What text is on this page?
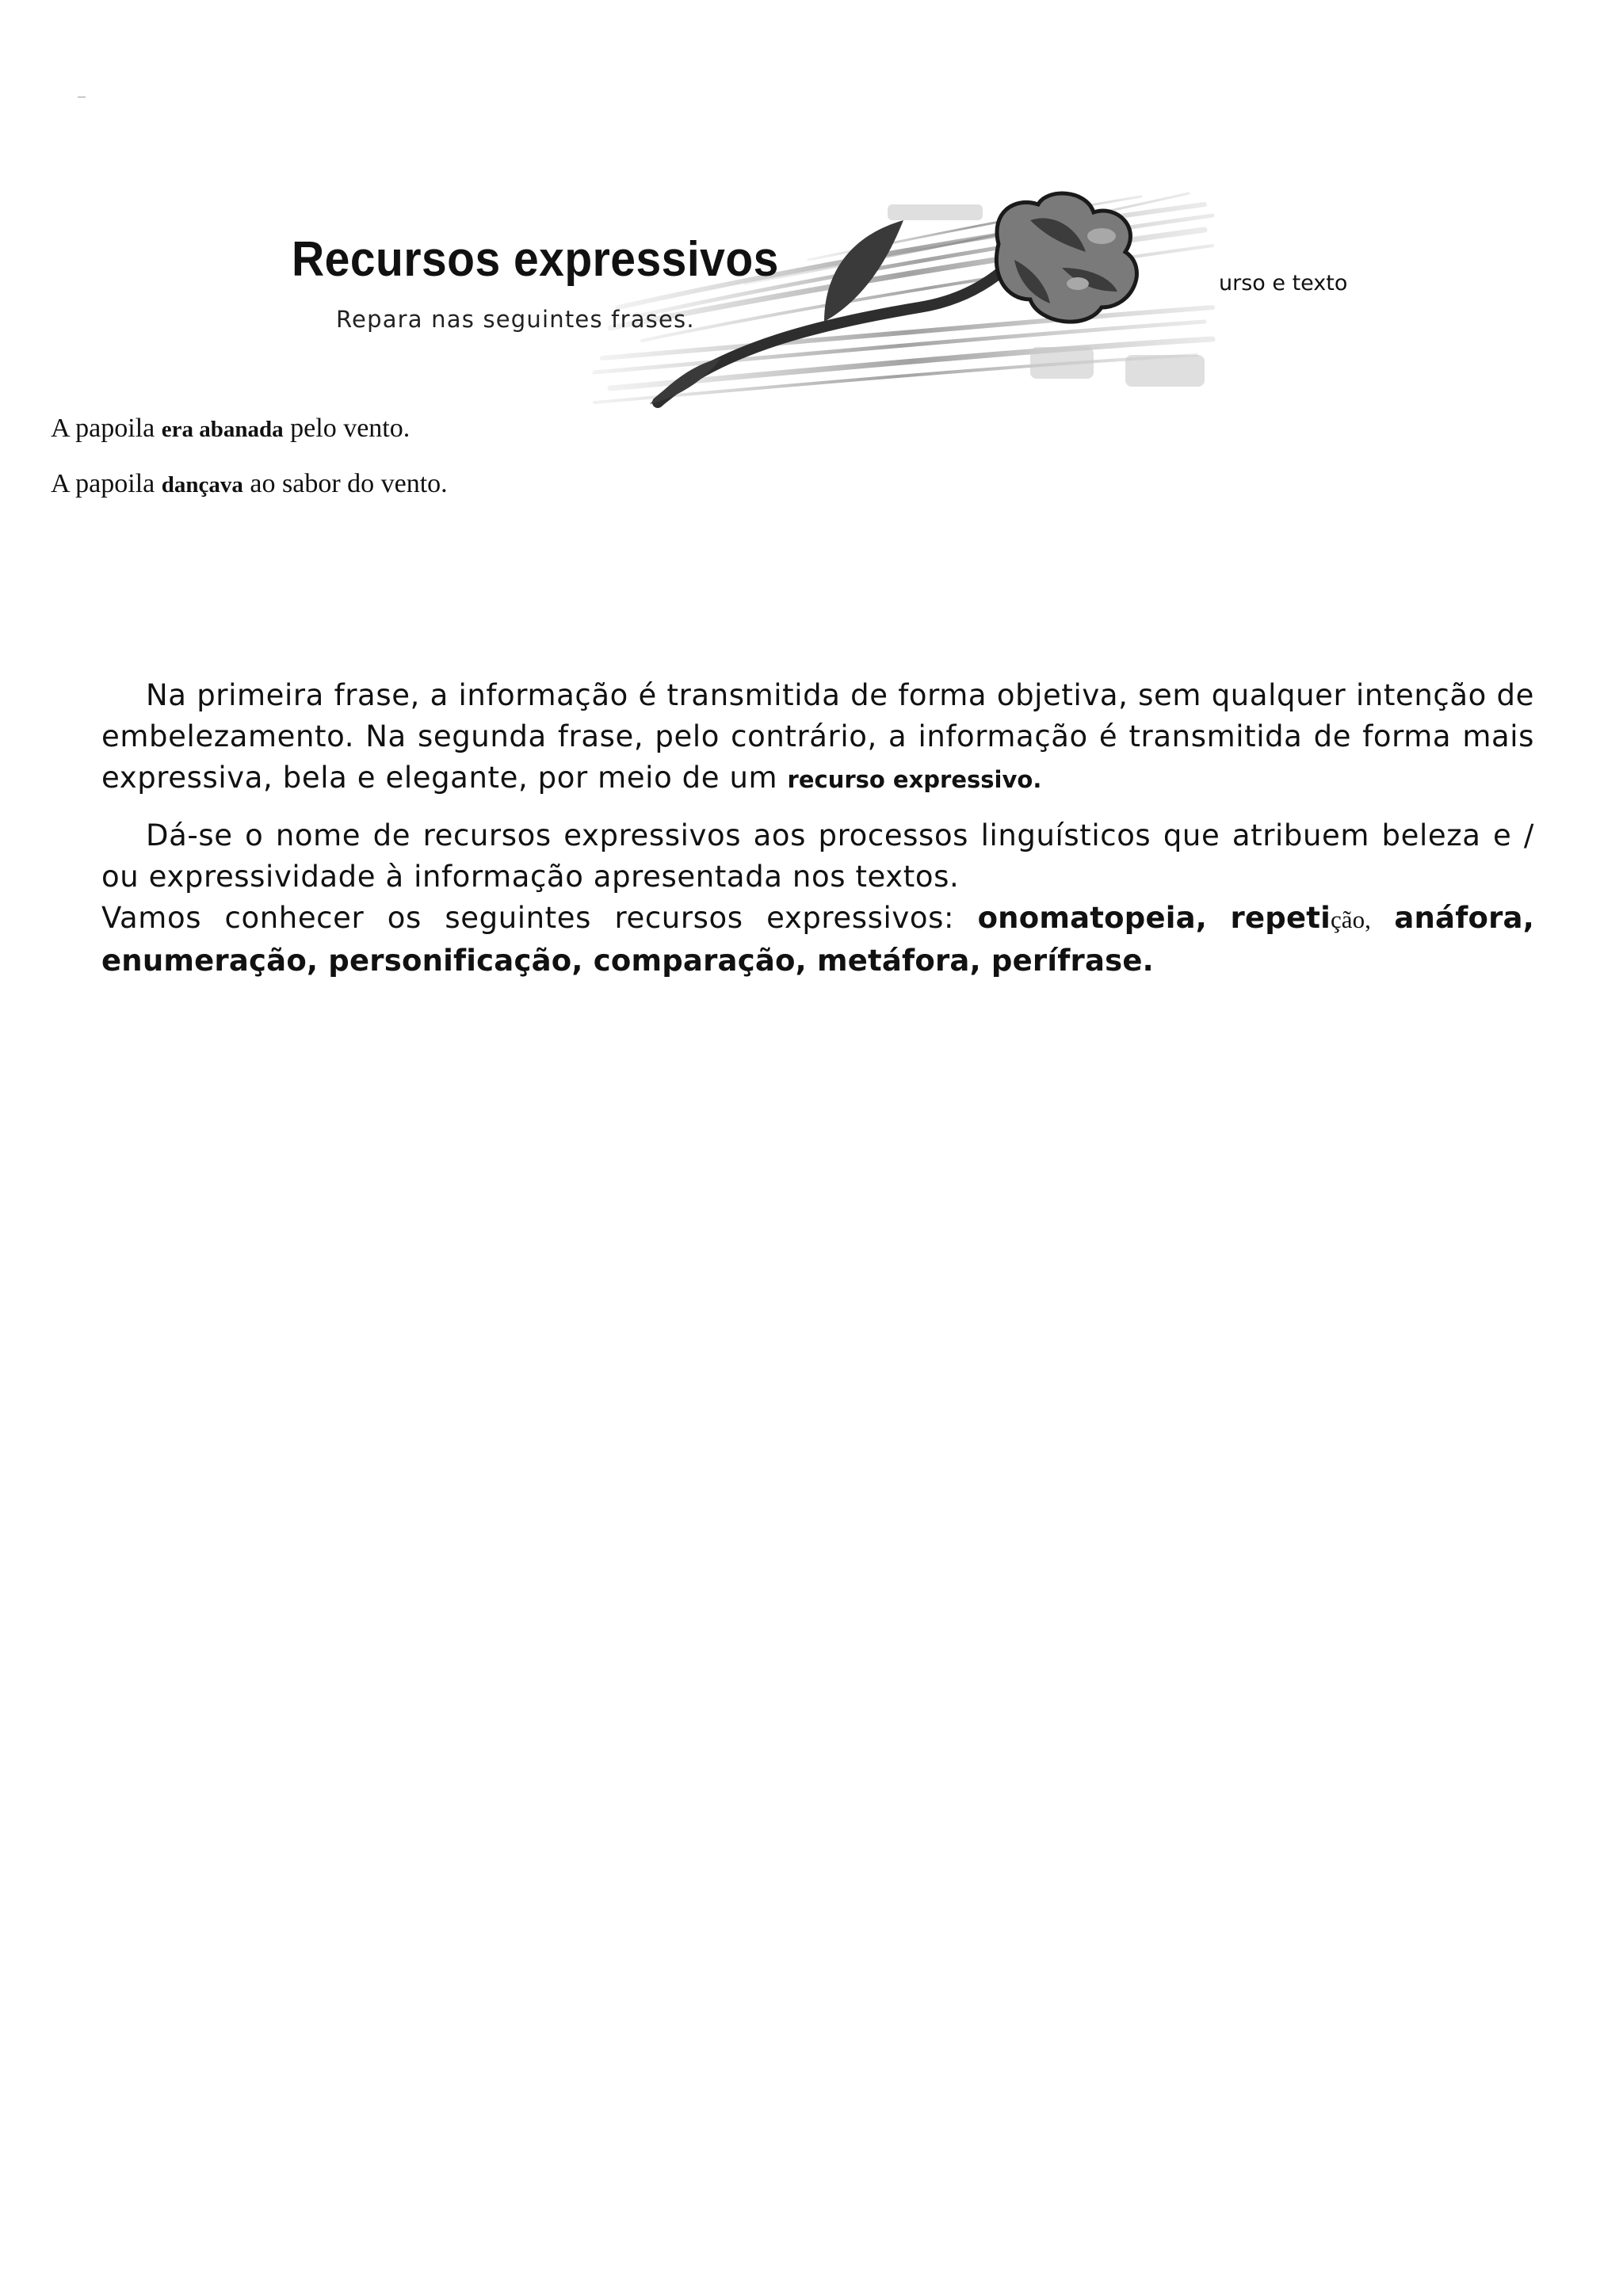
Recursos expressivos
Repara nas seguintes frases.
urso e texto
A papoila era abanada pelo vento.
A papoila dançava ao sabor do vento.
Na primeira frase, a informação é transmitida de forma objetiva, sem qualquer intenção de embelezamento. Na segunda frase, pelo contrário, a informação é transmitida de forma mais expressiva, bela e elegante, por meio de um recurso expressivo.
Dá-se o nome de recursos expressivos aos processos linguísticos que atribuem beleza e / ou expressividade à informação apresentada nos textos.
Vamos conhecer os seguintes recursos expressivos: onomatopeia, repetição, anáfora, enumeração, personificação, comparação, metáfora, perífrase.
